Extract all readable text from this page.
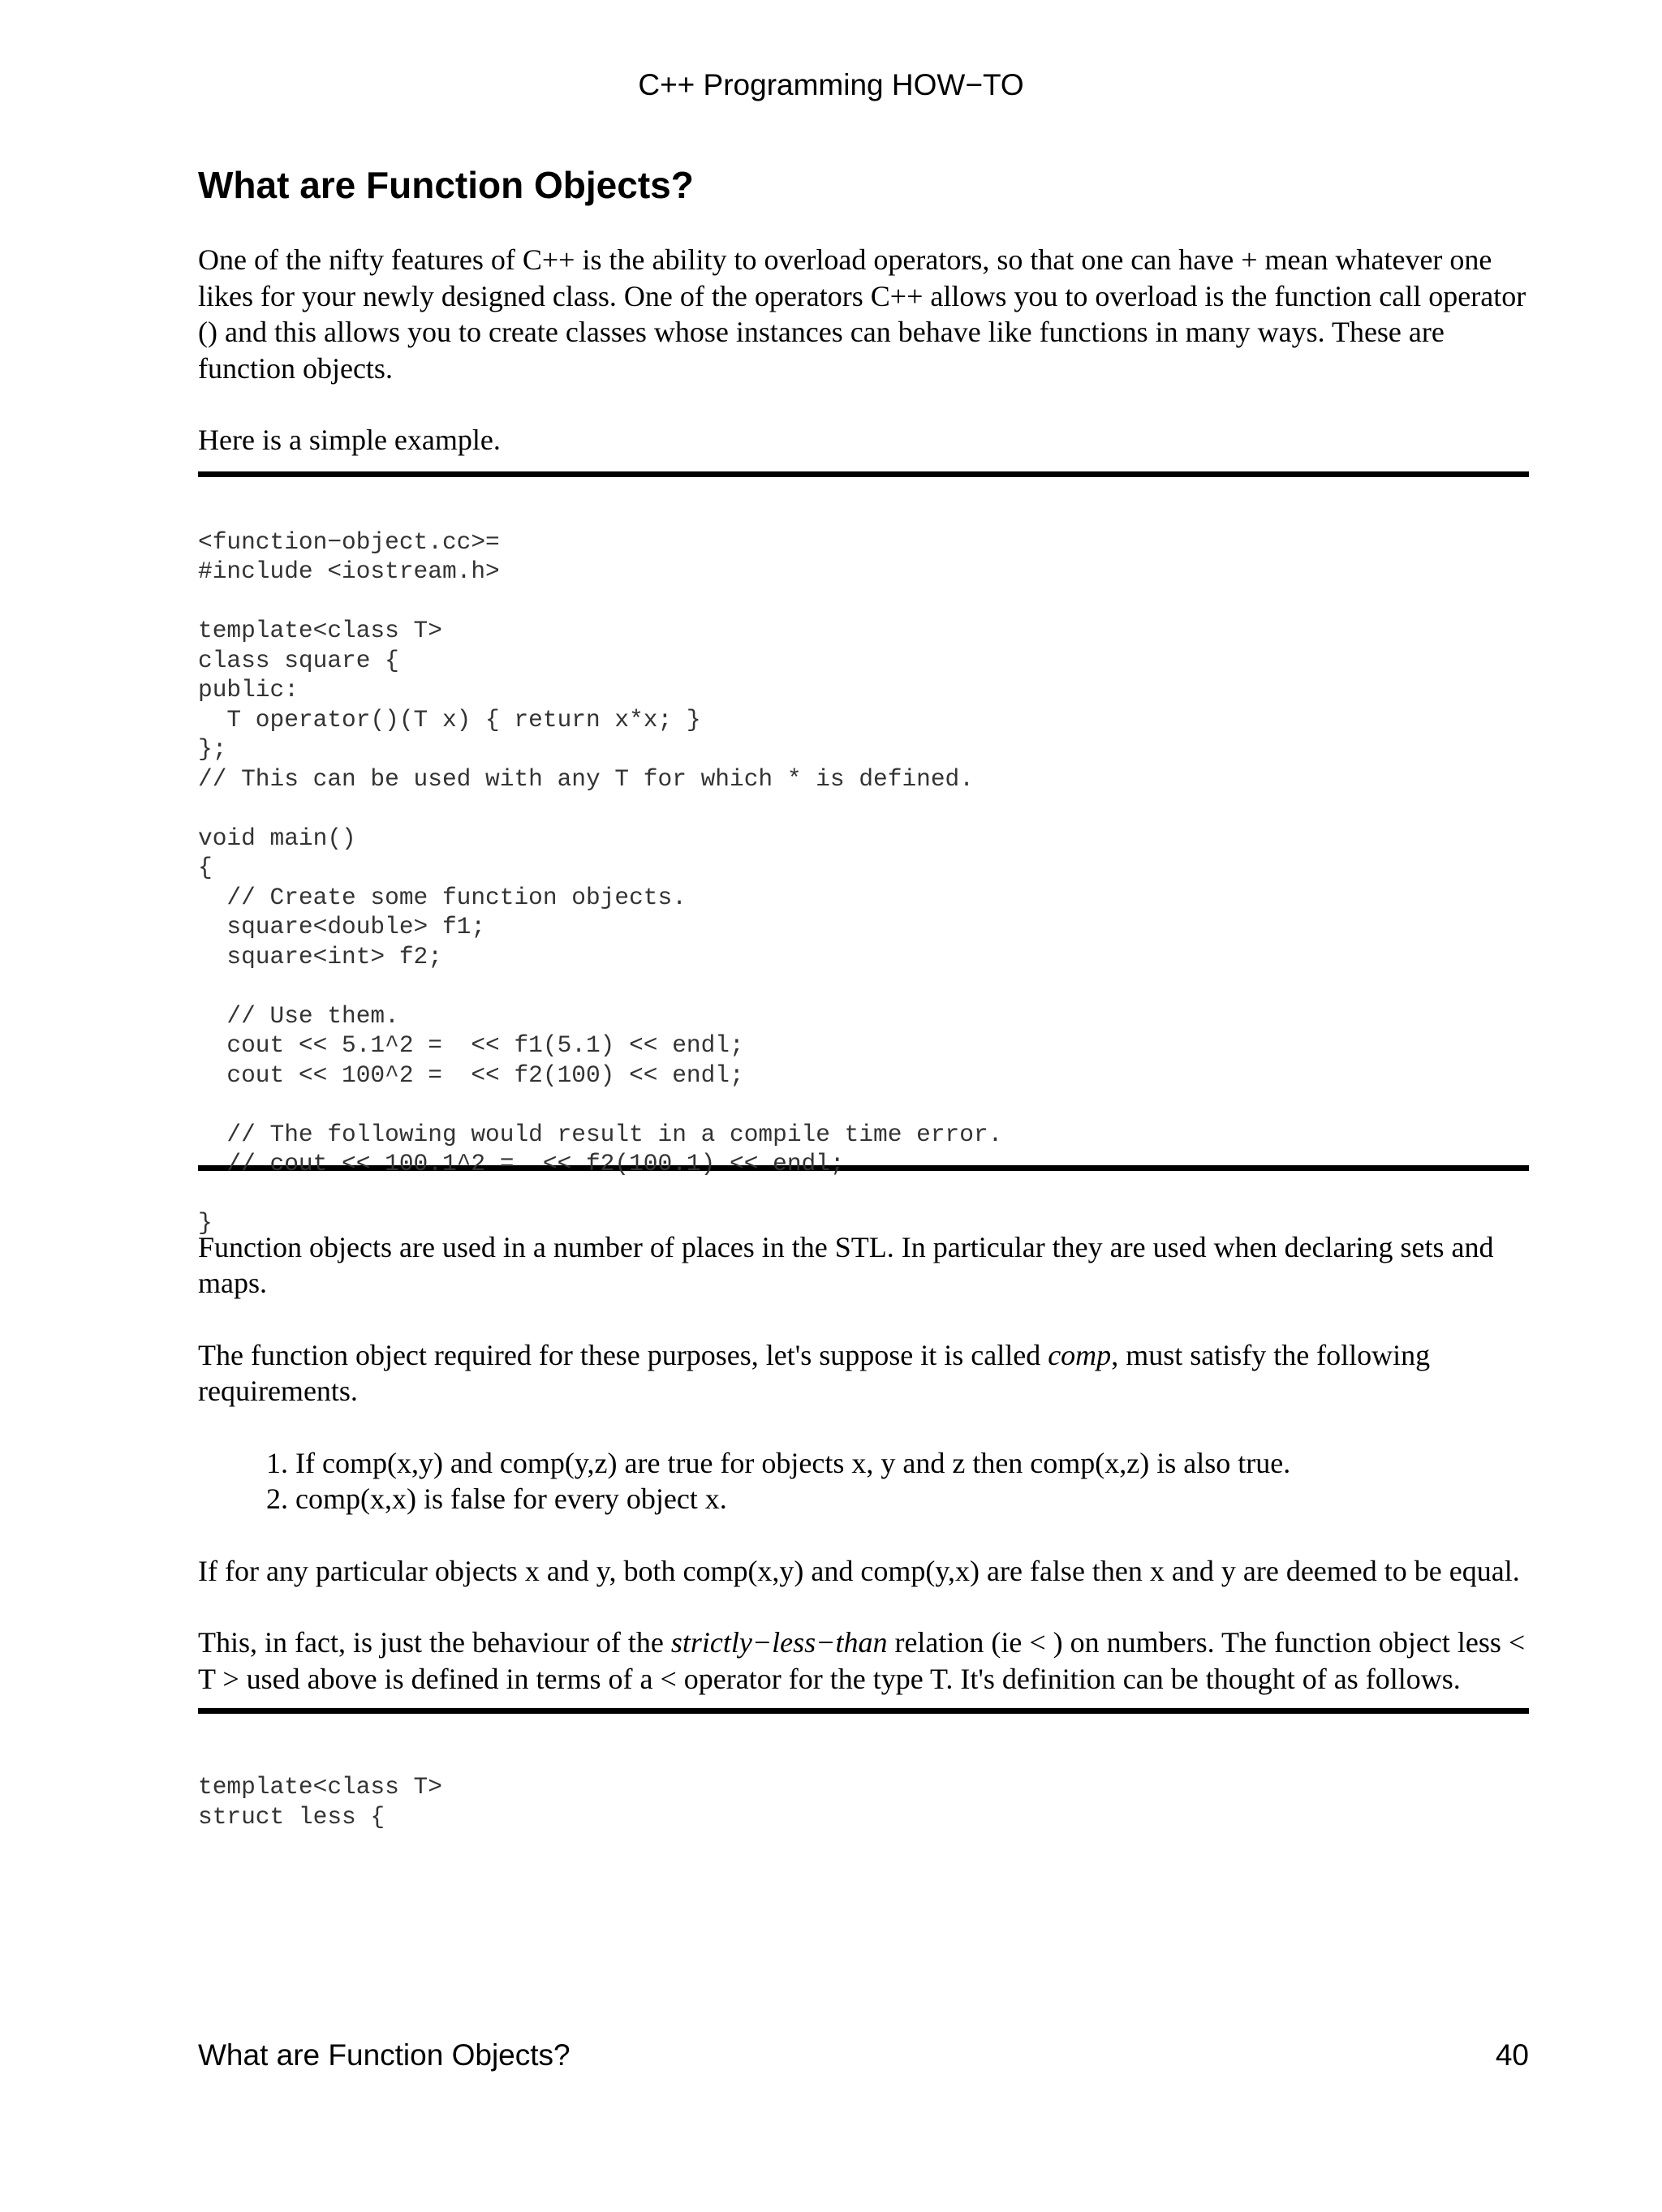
C++ Programming HOW−TO
What are Function Objects?

One of the nifty features of C++ is the ability to overload operators, so that one can have + mean whatever one likes for your newly designed class. One of the operators C++ allows you to overload is the function call operator () and this allows you to create classes whose instances can behave like functions in many ways. These are function objects.

Here is a simple example.

<function−object.cc>=
#include <iostream.h>

template<class T>
class square {
public:
T operator()(T x) { return x*x; }
};
// This can be used with any T for which * is defined.

void main()
{
// Create some function objects.
square<double> f1;
square<int> f2;

// Use them.
cout << 5.1^2 =  << f1(5.1) << endl;
cout << 100^2 =  << f2(100) << endl;

// The following would result in a compile time error.
// cout << 100.1^2 =  << f2(100.1) << endl;

}

Function objects are used in a number of places in the STL. In particular they are used when declaring sets and maps.

The function object required for these purposes, let's suppose it is called comp, must satisfy the following requirements.

1. If comp(x,y) and comp(y,z) are true for objects x, y and z then comp(x,z) is also true.
2. comp(x,x) is false for every object x.

If for any particular objects x and y, both comp(x,y) and comp(y,x) are false then x and y are deemed to be equal.

This, in fact, is just the behaviour of the strictly−less−than relation (ie < ) on numbers. The function object less < T > used above is defined in terms of a < operator for the type T. It's definition can be thought of as follows.

template<class T>
struct less {
What are Function Objects?	40
